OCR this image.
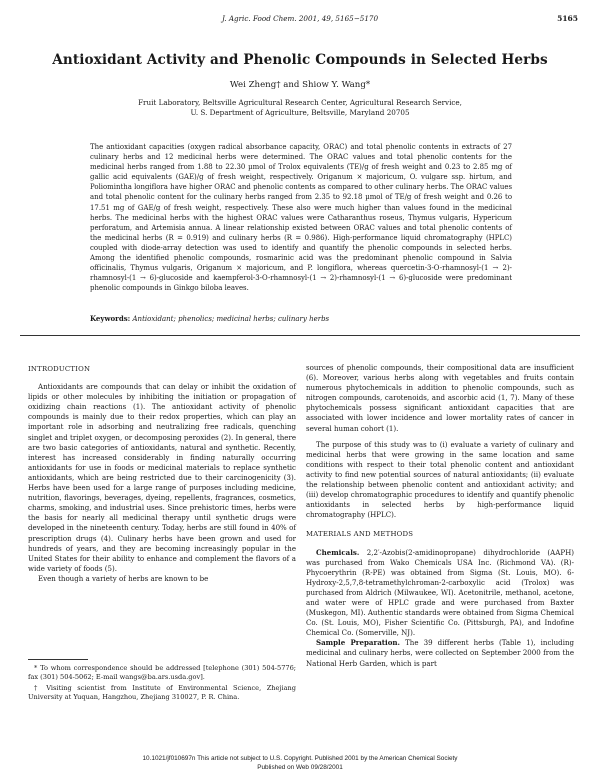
J. Agric. Food Chem. 2001, 49, 5165−5170	5165
Antioxidant Activity and Phenolic Compounds in Selected Herbs
Wei Zheng† and Shiow Y. Wang*
Fruit Laboratory, Beltsville Agricultural Research Center, Agricultural Research Service,
U. S. Department of Agriculture, Beltsville, Maryland 20705

The antioxidant capacities (oxygen radical absorbance capacity, ORAC) and total phenolic contents in extracts of 27 culinary herbs and 12 medicinal herbs were determined. The ORAC values and total phenolic contents for the medicinal herbs ranged from 1.88 to 22.30 µmol of Trolox equivalents (TE)/g of fresh weight and 0.23 to 2.85 mg of gallic acid equivalents (GAE)/g of fresh weight, respectively. Origanum × majoricum, O. vulgare ssp. hirtum, and Poliomintha longiflora have higher ORAC and phenolic contents as compared to other culinary herbs. The ORAC values and total phenolic content for the culinary herbs ranged from 2.35 to 92.18 µmol of TE/g of fresh weight and 0.26 to 17.51 mg of GAE/g of fresh weight, respectively. These also were much higher than values found in the medicinal herbs. The medicinal herbs with the highest ORAC values were Catharanthus roseus, Thymus vulgaris, Hypericum perforatum, and Artemisia annua. A linear relationship existed between ORAC values and total phenolic contents of the medicinal herbs (R = 0.919) and culinary herbs (R = 0.986). High-performance liquid chromatography (HPLC) coupled with diode-array detection was used to identify and quantify the phenolic compounds in selected herbs. Among the identified phenolic compounds, rosmarinic acid was the predominant phenolic compound in Salvia officinalis, Thymus vulgaris, Origanum × majoricum, and P. longiflora, whereas quercetin-3-O-rhamnosyl-(1 → 2)-rhamnosyl-(1 → 6)-glucoside and kaempferol-3-O-rhamnosyl-(1 → 2)-rhamnosyl-(1 → 6)-glucoside were predominant phenolic compounds in Ginkgo biloba leaves.

Keywords: Antioxidant; phenolics; medicinal herbs; culinary herbs

INTRODUCTION

Antioxidants are compounds that can delay or inhibit the oxidation of lipids or other molecules by inhibiting the initiation or propagation of oxidizing chain reactions (1). The antioxidant activity of phenolic compounds is mainly due to their redox properties, which can play an important role in adsorbing and neutralizing free radicals, quenching singlet and triplet oxygen, or decomposing peroxides (2). In general, there are two basic categories of antioxidants, natural and synthetic. Recently, interest has increased considerably in finding naturally occurring antioxidants for use in foods or medicinal materials to replace synthetic antioxidants, which are being restricted due to their carcinogenicity (3). Herbs have been used for a large range of purposes including medicine, nutrition, flavorings, beverages, dyeing, repellents, fragrances, cosmetics, charms, smoking, and industrial uses. Since prehistoric times, herbs were the basis for nearly all medicinal therapy until synthetic drugs were developed in the nineteenth century. Today, herbs are still found in 40% of prescription drugs (4). Culinary herbs have been grown and used for hundreds of years, and they are becoming increasingly popular in the United States for their ability to enhance and complement the flavors of a wide variety of foods (5).

Even though a variety of herbs are known to be

sources of phenolic compounds, their compositional data are insufficient (6). Moreover, various herbs along with vegetables and fruits contain numerous phytochemicals in addition to phenolic compounds, such as nitrogen compounds, carotenoids, and ascorbic acid (1, 7). Many of these phytochemicals possess significant antioxidant capacities that are associated with lower incidence and lower mortality rates of cancer in several human cohort (1).

The purpose of this study was to (i) evaluate a variety of culinary and medicinal herbs that were growing in the same location and same conditions with respect to their total phenolic content and antioxidant activity to find new potential sources of natural antioxidants; (ii) evaluate the relationship between phenolic content and antioxidant activity; and (iii) develop chromatographic procedures to identify and quantify phenolic antioxidants in selected herbs by high-performance liquid chromatography (HPLC).

MATERIALS AND METHODS

Chemicals. 2,2′-Azobis(2-amidinopropane) dihydrochloride (AAPH) was purchased from Wako Chemicals USA Inc. (Richmond VA). (R)-Phycoerythrin (R-PE) was obtained from Sigma (St. Louis, MO). 6-Hydroxy-2,5,7,8-tetramethylchroman-2-carboxylic acid (Trolox) was purchased from Aldrich (Milwaukee, WI). Acetonitrile, methanol, acetone, and water were of HPLC grade and were purchased from Baxter (Muskegon, MI). Authentic standards were obtained from Sigma Chemical Co. (St. Louis, MO), Fisher Scientific Co. (Pittsburgh, PA), and Indofine Chemical Co. (Somerville, NJ).

Sample Preparation. The 39 different herbs (Table 1), including medicinal and culinary herbs, were collected on September 2000 from the National Herb Garden, which is part

* To whom correspondence should be addressed [telephone (301) 504-5776; fax (301) 504-5062; E-mail wangs@ba.ars.usda.gov].

† Visiting scientist from Institute of Environmental Science, Zhejiang University at Yuquan, Hangzhou, Zhejiang 310027, P. R. China.

10.1021/jf010697n This article not subject to U.S. Copyright. Published 2001 by the American Chemical Society
Published on Web 09/28/2001
